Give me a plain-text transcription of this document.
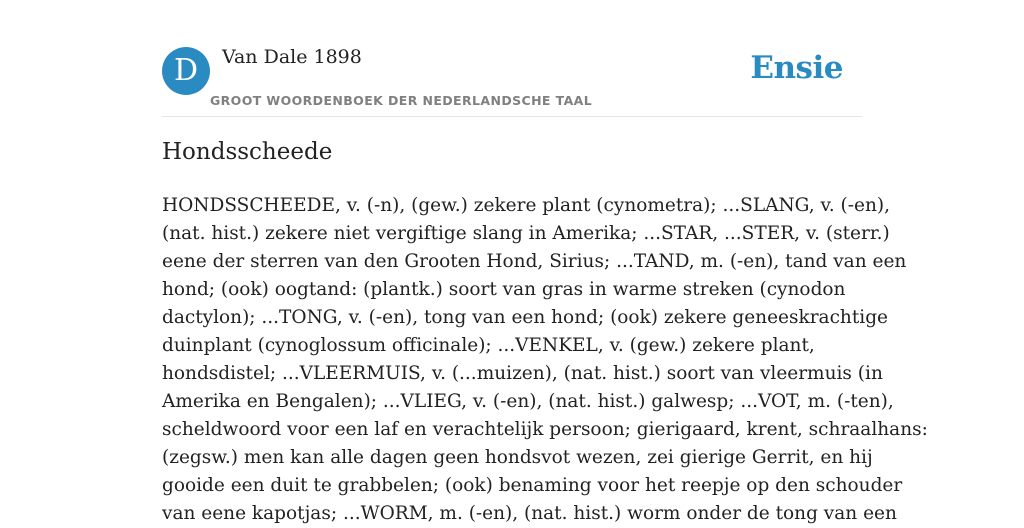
D	Van Dale 1898
GROOT WOORDENBOEK DER NEDERLANDSCHE TAAL
Ensie
Hondsscheede

HONDSSCHEEDE, v. (-n), (gew.) zekere plant (cynometra); ...SLANG, v. (-en),
(nat. hist.) zekere niet vergiftige slang in Amerika; ...STAR, ...STER, v. (sterr.)
eene der sterren van den Grooten Hond, Sirius; ...TAND, m. (-en), tand van een
hond; (ook) oogtand: (plantk.) soort van gras in warme streken (cynodon
dactylon); ...TONG, v. (-en), tong van een hond; (ook) zekere geneeskrachtige
duinplant (cynoglossum officinale); ...VENKEL, v. (gew.) zekere plant,
hondsdistel; ...VLEERMUIS, v. (...muizen), (nat. hist.) soort van vleermuis (in
Amerika en Bengalen); ...VLIEG, v. (-en), (nat. hist.) galwesp; ...VOT, m. (-ten),
scheldwoord voor een laf en verachtelijk persoon; gierigaard, krent, schraalhans:
(zegsw.) men kan alle dagen geen hondsvot wezen, zei gierige Gerrit, en hij
gooide een duit te grabbelen; (ook) benaming voor het reepje op den schouder
van eene kapotjas; ...WORM, m. (-en), (nat. hist.) worm onder de tong van een
